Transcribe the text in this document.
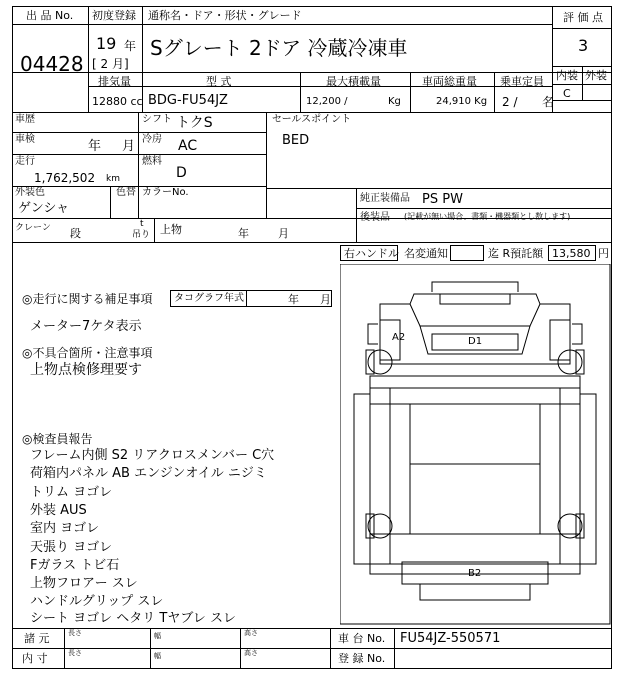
出 品 No. 初度登録 通称名・ドア・形状・グレード	評 価 点
04428
19 年
[ 2 月]
Sグレート 2ドア 冷蔵冷凍車	3
内装 外装
C
排気量	型 式	最大積載量	車両総重量 乗車定員
12880 cc BDG-FU54JZ	12,200 /	Kg	24,910 Kg 2 / 名
車歴	シフト トクS	セールスポイント
BED
車検	年 月 冷房 AC
走行
1,762,502 km
燃料
D
外装色
ゲンシャ
色替 カラーNo.
純正装備品 PS PW
後装品 (記載が無い場合、書類・機器類とし数します)
クレーン 段
t
吊り 上物	年	月
右ハンドル 名変通知	迄 R預託額 13,580 円
◎走行に関する補足事項 タコグラフ年式	年 月
メーター7ケタ表示
◎不具合箇所・注意事項
上物点検修理要す
◎検査員報告
フレーム内側 S2 リアクロスメンバー C穴
荷箱内パネル AB エンジンオイル ニジミ
トリム ヨゴレ
外装 AUS
室内 ヨゴレ
天張り ヨゴレ
Fガラス トビ石
上物フロアー スレ
ハンドルグリップ スレ
シート ヨゴレ ヘタリ Tヤブレ スレ
A2	D1
B2
諸 元	長さ	幅	高さ	車 台 No. FU54JZ-550571
内 寸	長さ	幅	高さ	登 録 No.
